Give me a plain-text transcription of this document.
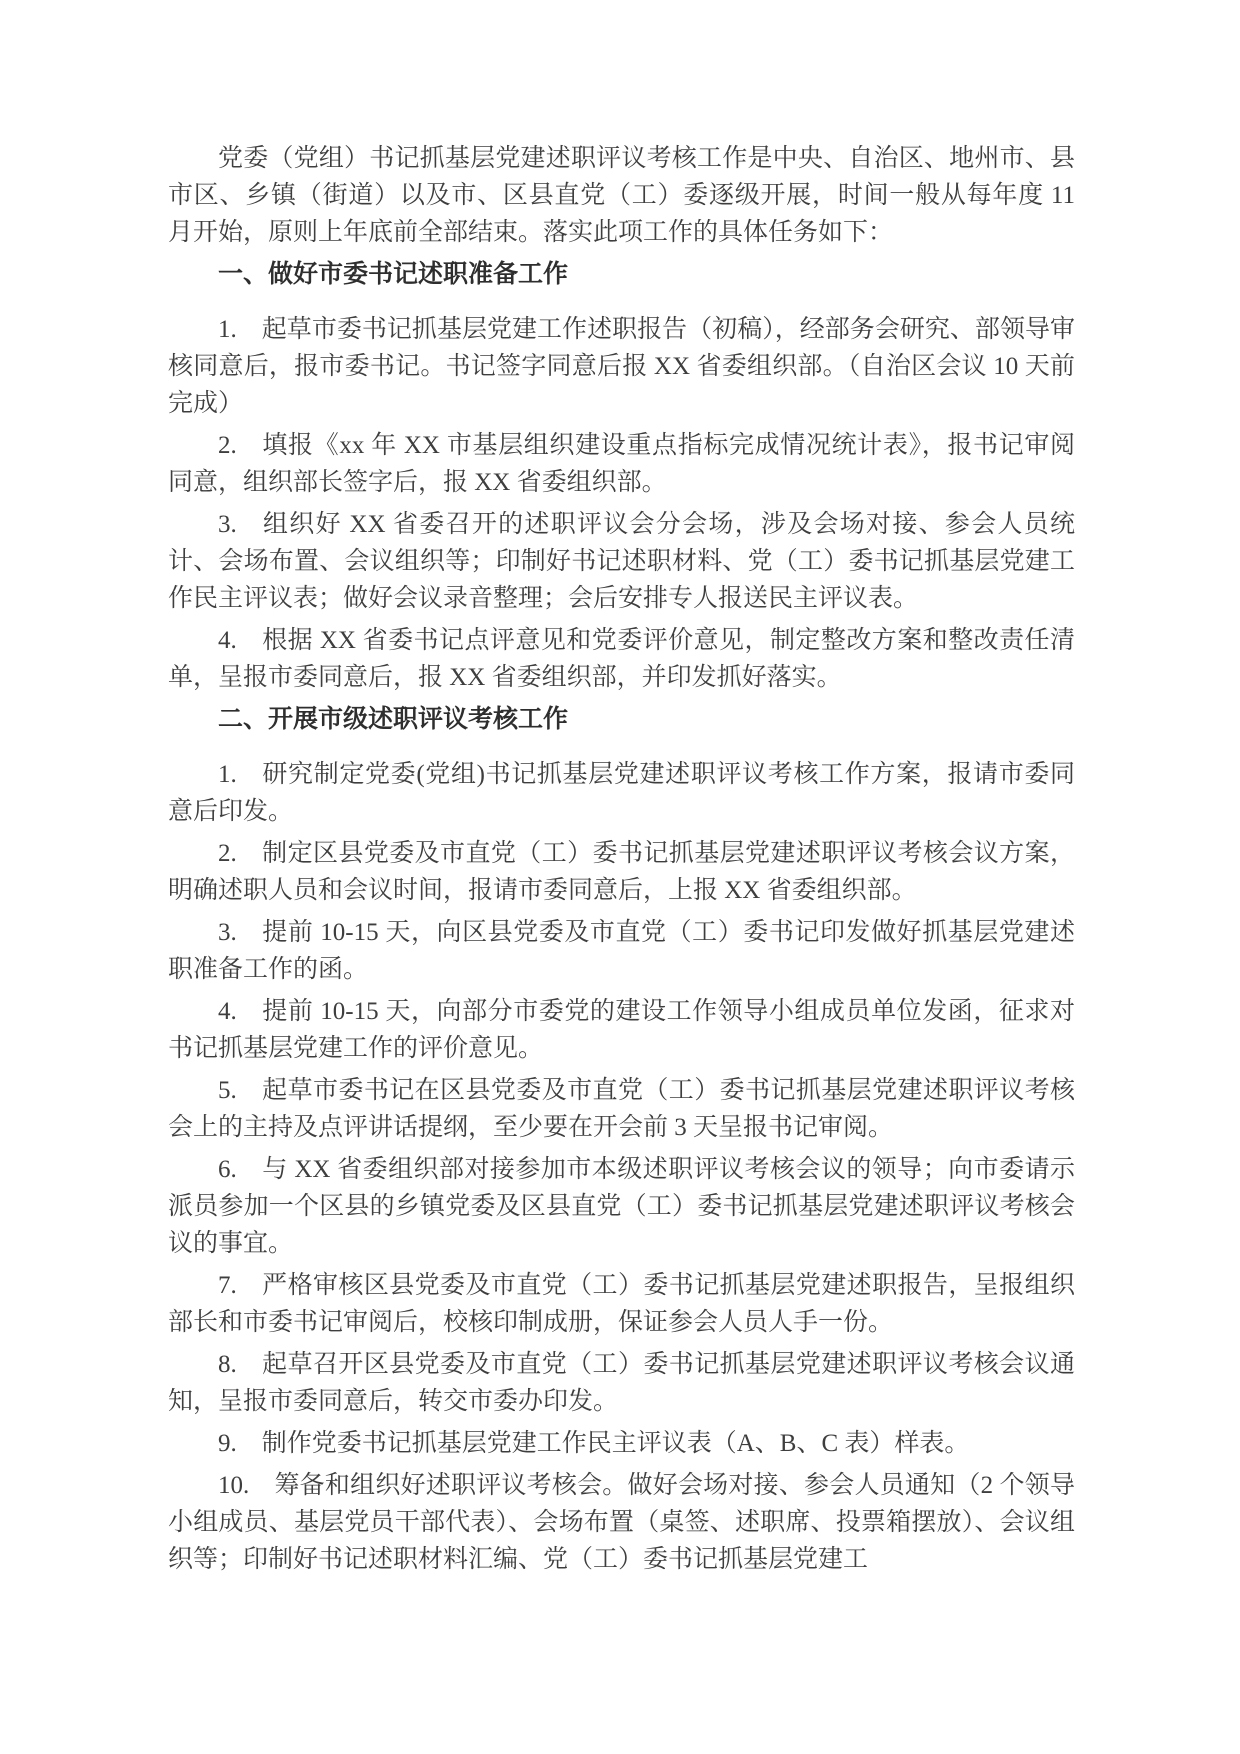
党委（党组）书记抓基层党建述职评议考核工作是中央、自治区、地州市、县市区、乡镇（街道）以及市、区县直党（工）委逐级开展，时间一般从每年度 11 月开始，原则上年底前全部结束。落实此项工作的具体任务如下：

一、做好市委书记述职准备工作

1. 起草市委书记抓基层党建工作述职报告（初稿），经部务会研究、部领导审核同意后，报市委书记。书记签字同意后报 XX 省委组织部。（自治区会议 10 天前完成）

2. 填报《xx 年 XX 市基层组织建设重点指标完成情况统计表》，报书记审阅同意，组织部长签字后，报 XX 省委组织部。

3. 组织好 XX 省委召开的述职评议会分会场，涉及会场对接、参会人员统计、会场布置、会议组织等；印制好书记述职材料、党（工）委书记抓基层党建工作民主评议表；做好会议录音整理；会后安排专人报送民主评议表。

4. 根据 XX 省委书记点评意见和党委评价意见，制定整改方案和整改责任清单，呈报市委同意后，报 XX 省委组织部，并印发抓好落实。

二、开展市级述职评议考核工作

1. 研究制定党委(党组)书记抓基层党建述职评议考核工作方案，报请市委同意后印发。

2. 制定区县党委及市直党（工）委书记抓基层党建述职评议考核会议方案，明确述职人员和会议时间，报请市委同意后，上报 XX 省委组织部。

3. 提前 10-15 天，向区县党委及市直党（工）委书记印发做好抓基层党建述职准备工作的函。

4. 提前 10-15 天，向部分市委党的建设工作领导小组成员单位发函，征求对书记抓基层党建工作的评价意见。

5. 起草市委书记在区县党委及市直党（工）委书记抓基层党建述职评议考核会上的主持及点评讲话提纲，至少要在开会前 3 天呈报书记审阅。

6. 与 XX 省委组织部对接参加市本级述职评议考核会议的领导；向市委请示派员参加一个区县的乡镇党委及区县直党（工）委书记抓基层党建述职评议考核会议的事宜。

7. 严格审核区县党委及市直党（工）委书记抓基层党建述职报告，呈报组织部长和市委书记审阅后，校核印制成册，保证参会人员人手一份。

8. 起草召开区县党委及市直党（工）委书记抓基层党建述职评议考核会议通知，呈报市委同意后，转交市委办印发。

9. 制作党委书记抓基层党建工作民主评议表（A、B、C 表）样表。

10. 筹备和组织好述职评议考核会。做好会场对接、参会人员通知（2 个领导小组成员、基层党员干部代表）、会场布置（桌签、述职席、投票箱摆放）、会议组织等；印制好书记述职材料汇编、党（工）委书记抓基层党建工
